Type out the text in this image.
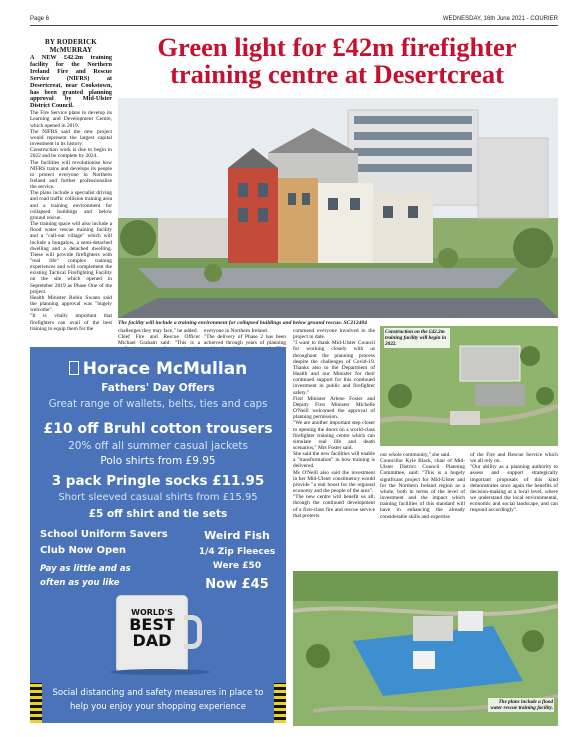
Page 6	WEDNESDAY, 16th June 2021 - COURIER
BY RODERICK McMURRAY

A NEW £42.2m training facility for the Northern Ireland Fire and Rescue Service (NIFRS) at Desertcreat, near Cookstown, has been granted planning approval by Mid-Ulster District Council.

The Fire Service plans to develop its Learning and Development Centre, which opened in 2019.

The NIFRS said the new project would represent the largest capital investment in its history.

Construction work is due to begin in 2022 and be complete by 2024.

The facilities will revolutionise how NIFRS trains and develops its people to protect everyone in Northern Ireland and further professionalise the service.

The plans include a specialist driving and road traffic collision training area and a training environment for collapsed buildings and below ground rescue.

The training space will also include a flood water rescue training facility and a "call-out village" which will include a bungalow, a semi-detached dwelling and a detached dwelling. These will provide firefighters with "real life" complex training experiences and will complement the existing Tactical Firefighting Facility on the site which opened in September 2019 as Phase One of the project.

Health Minister Robin Swann said the planning approval was "hugely welcome".

"It is vitally important that firefighters can avail of the best training to equip them for the

Green light for £42m firefighter training centre at Desertcreat
The facility will include a training environment for collapsed buildings and below ground rescue. SC212404

challenges they may face," he added.

Chief Fire and Rescue Officer Michael Graham said: "This is a

everyone in Northern Ireland.

"The delivery of Phase 2 has been achieved through years of planning

commend everyone involved in the project to date.

"I want to thank Mid-Ulster Council for working closely with us throughout the planning process despite the challenges of Covid-19. Thanks also to the Department of Health and our Minister for their continued support for this continued investment in public and firefighter safety."

First Minister Arlene Foster and Deputy First Minister Michelle O'Neill welcomed the approval of planning permission.

"We are another important step closer to opening the doors on a world-class firefighter training centre which can simulate real life and death scenarios," Mrs Foster said.

She said the new facilities will enable a "transformation" in how training is delivered.

Ms O'Neill also said the investment in her Mid-Ulster constituency would provide "a real boost for the regional economy and the people of the area".

"The new centre will benefit us all; through the continued development of a first-class fire and rescue service that protects

Construction on the £42.2m training facility will begin in 2022.

our whole community," she said.

Councillor Kyle Black, chair of Mid-Ulster District Council Planning Committee, said: "This is a hugely significant project for Mid-Ulster and for the Northern Ireland region as a whole, both in terms of the level of investment and the impact which training facilities of this standard will have in enhancing the already considerable skills and expertise

of the Fire and Rescue Service which we all rely on.

"Our ability as a planning authority to assess and support strategically important proposals of this kind demonstrates once again the benefits of decision-making at a local level, where we understand the local environmental, economic and social landscape, and can respond accordingly".

The plans include a flood water rescue training facility.
Horace McMullan
Fathers' Day Offers
Great range of wallets, belts, ties and caps
£10 off Bruhl cotton trousers
20% off all summer casual jackets
Polo shirts from £9.95
3 pack Pringle socks £11.95
Short sleeved casual shirts from £15.95
£5 off shirt and tie sets
School Uniform Savers
Club Now Open
Pay as little and as
often as you like
Weird Fish
1/4 Zip Fleeces
Were £50
Now £45
WORLD'S
BEST
DAD
Social distancing and safety measures in place to
help you enjoy your shopping experience
